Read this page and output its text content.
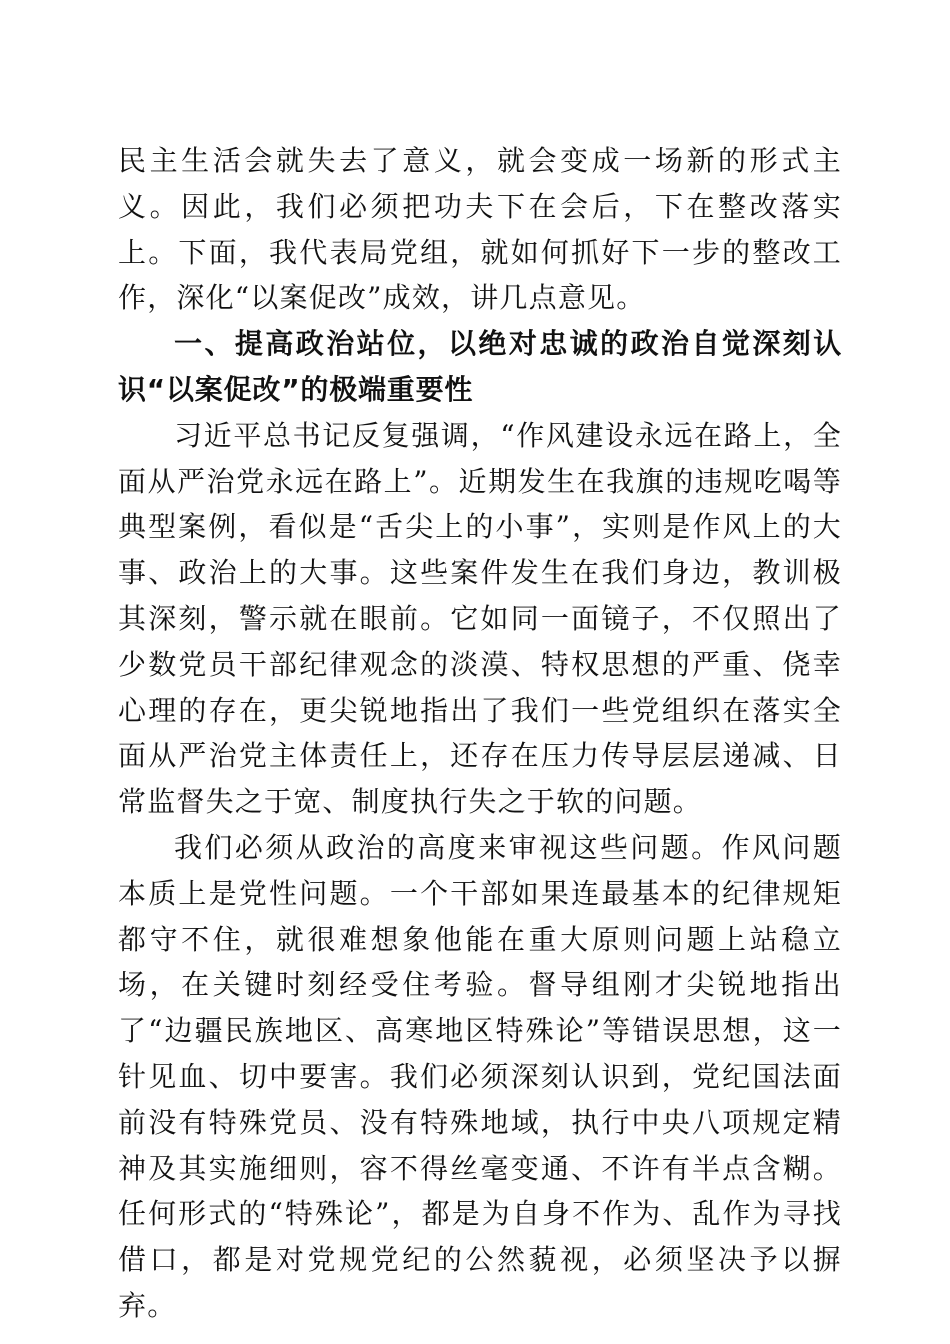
民主生活会就失去了意义，就会变成一场新的形式主义。因此，我们必须把功夫下在会后，下在整改落实上。下面，我代表局党组，就如何抓好下一步的整改工作，深化“以案促改”成效，讲几点意见。

一、提高政治站位，以绝对忠诚的政治自觉深刻认识“以案促改”的极端重要性

习近平总书记反复强调，“作风建设永远在路上，全面从严治党永远在路上”。近期发生在我旗的违规吃喝等典型案例，看似是“舌尖上的小事”，实则是作风上的大事、政治上的大事。这些案件发生在我们身边，教训极其深刻，警示就在眼前。它如同一面镜子，不仅照出了少数党员干部纪律观念的淡漠、特权思想的严重、侥幸心理的存在，更尖锐地指出了我们一些党组织在落实全面从严治党主体责任上，还存在压力传导层层递减、日常监督失之于宽、制度执行失之于软的问题。

我们必须从政治的高度来审视这些问题。作风问题本质上是党性问题。一个干部如果连最基本的纪律规矩都守不住，就很难想象他能在重大原则问题上站稳立场，在关键时刻经受住考验。督导组刚才尖锐地指出了“边疆民族地区、高寒地区特殊论”等错误思想，这一针见血、切中要害。我们必须深刻认识到，党纪国法面前没有特殊党员、没有特殊地域，执行中央八项规定精神及其实施细则，容不得丝毫变通、不许有半点含糊。任何形式的“特殊论”，都是为自身不作为、乱作为寻找借口，都是对党规党纪的公然藐视，必须坚决予以摒弃。
